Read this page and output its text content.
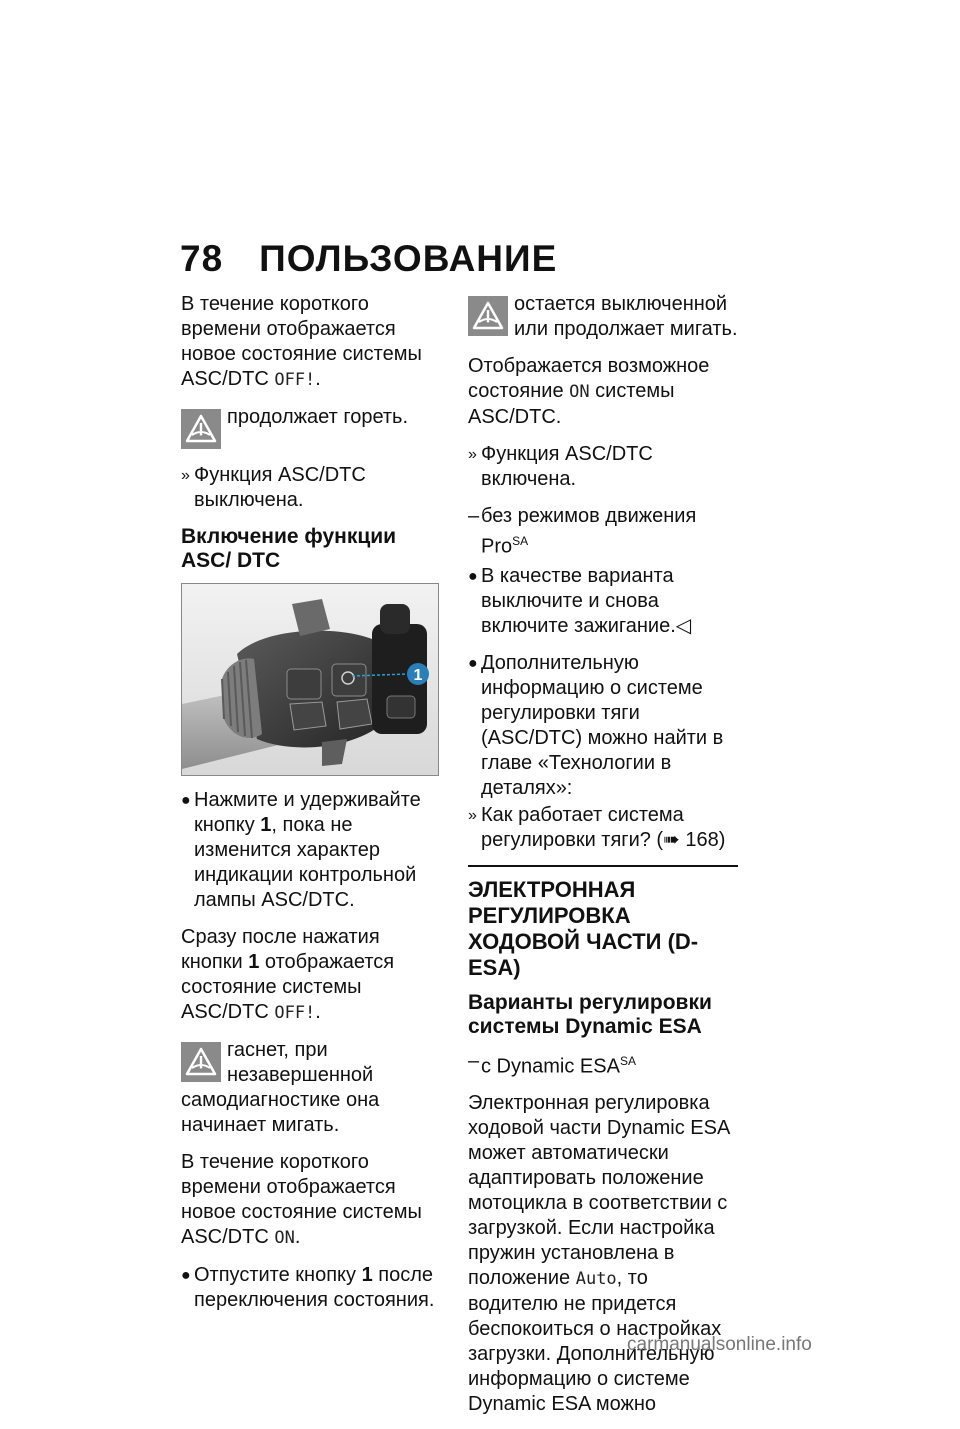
78 ПОЛЬЗОВАНИЕ

В течение короткого времени отображается новое состояние системы ASC/DTC OFF!.

продолжает гореть.
» Функция ASC/DTC выключена.
Включение функции ASC/ DTC
1
● Нажмите и удерживайте кнопку 1, пока не изменится характер индикации контрольной лампы ASC/DTC.

Сразу после нажатия кнопки 1 отображается состояние системы ASC/DTC OFF!.

гаснет, при незавершенной самодиагностике она начинает мигать.

В течение короткого времени отображается новое состояние системы ASC/DTC ON.

● Отпустите кнопку 1 после переключения состояния.
остается выключенной или продолжает мигать.

Отображается возможное состояние ON системы ASC/DTC.

» Функция ASC/DTC включена.
– без режимов движения Pro$^{SA}$
● В качестве варианта выключите и снова включите зажигание.◁
● Дополнительную информацию о системе регулировки тяги (ASC/DTC) можно найти в главе «Технологии в деталях»:
» Как работает система регулировки тяги? (➠ 168)
ЭЛЕКТРОННАЯ РЕГУЛИРОВКА ХОДОВОЙ ЧАСТИ (D-ESA)
Варианты регулировки системы Dynamic ESA
– с Dynamic $ESA^{SA}$

Электронная регулировка ходовой части Dynamic ESA может автоматически адаптировать положение мотоцикла в соответствии с загрузкой. Если настройка пружин установлена в положение Auto, то водителю не придется беспокоиться о настройках загрузки. Дополнительную информацию о системе Dynamic ESA можно

carmanualsonline.info
